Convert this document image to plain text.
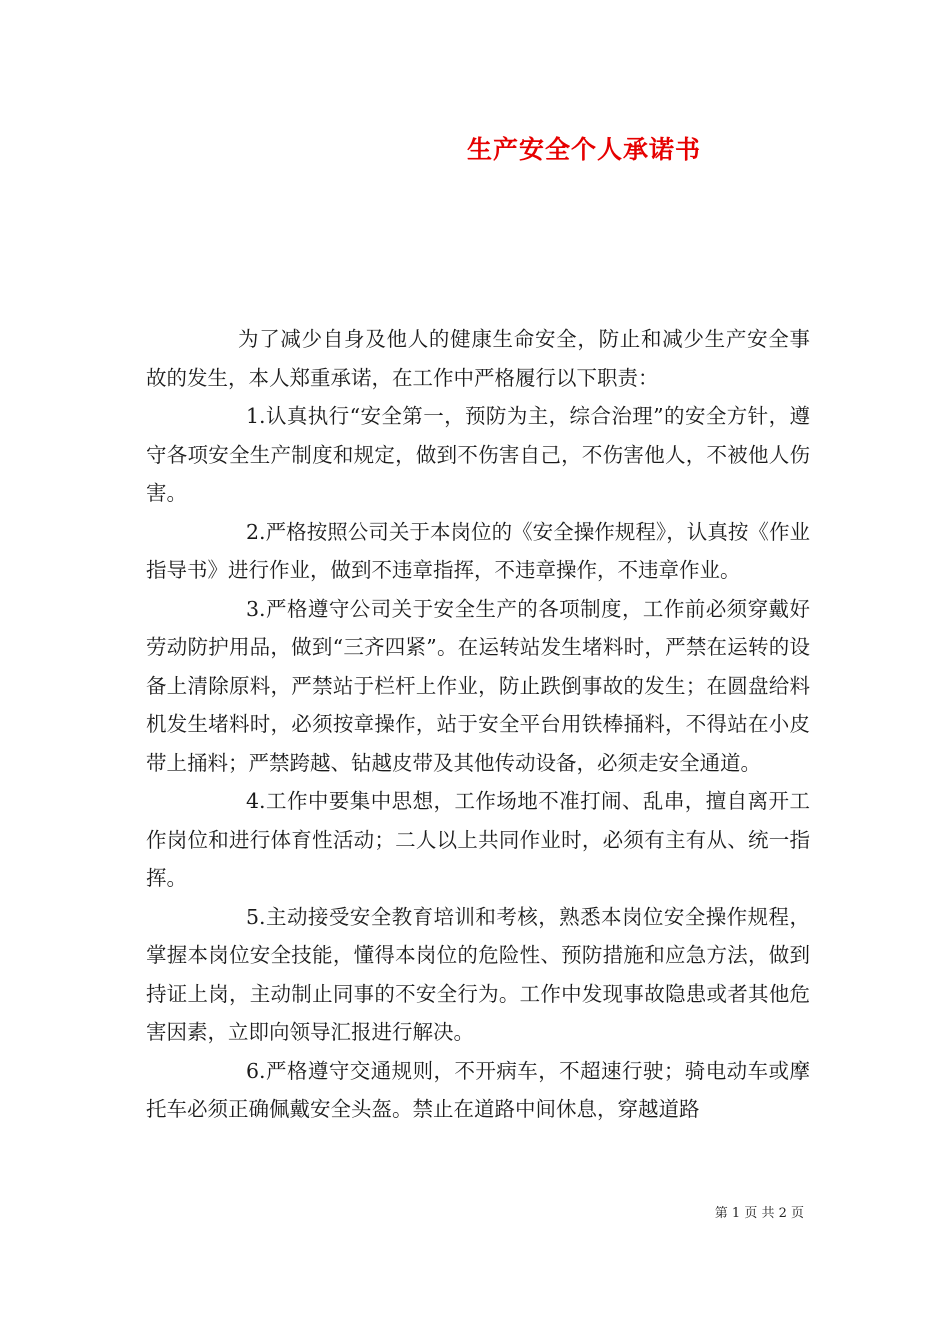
生产安全个人承诺书

为了减少自身及他人的健康生命安全，防止和减少生产安全事故的发生，本人郑重承诺，在工作中严格履行以下职责：

1.认真执行“安全第一，预防为主，综合治理”的安全方针，遵守各项安全生产制度和规定，做到不伤害自己，不伤害他人，不被他人伤害。

2.严格按照公司关于本岗位的《安全操作规程》，认真按《作业指导书》进行作业，做到不违章指挥，不违章操作，不违章作业。

3.严格遵守公司关于安全生产的各项制度，工作前必须穿戴好劳动防护用品，做到“三齐四紧”。在运转站发生堵料时，严禁在运转的设备上清除原料，严禁站于栏杆上作业，防止跌倒事故的发生；在圆盘给料机发生堵料时，必须按章操作，站于安全平台用铁棒捅料，不得站在小皮带上捅料；严禁跨越、钻越皮带及其他传动设备，必须走安全通道。

4.工作中要集中思想，工作场地不准打闹、乱串，擅自离开工作岗位和进行体育性活动；二人以上共同作业时，必须有主有从、统一指挥。

5.主动接受安全教育培训和考核，熟悉本岗位安全操作规程，掌握本岗位安全技能，懂得本岗位的危险性、预防措施和应急方法，做到持证上岗，主动制止同事的不安全行为。工作中发现事故隐患或者其他危害因素，立即向领导汇报进行解决。

6.严格遵守交通规则，不开病车，不超速行驶；骑电动车或摩托车必须正确佩戴安全头盔。禁止在道路中间休息，穿越道路

第 1 页 共 2 页
